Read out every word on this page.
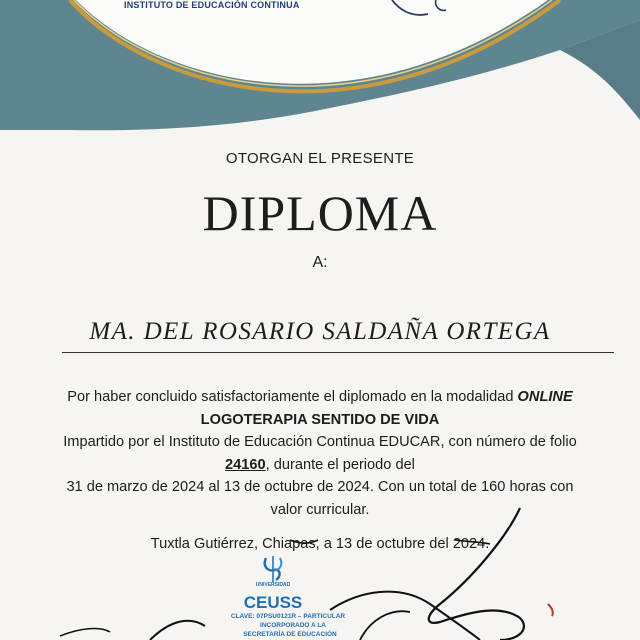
INSTITUTO DE EDUCACIÓN CONTINUA
OTORGAN EL PRESENTE
DIPLOMA
A:
MA. DEL ROSARIO SALDAÑA ORTEGA
Por haber concluido satisfactoriamente el diplomado en la modalidad ONLINE
LOGOTERAPIA SENTIDO DE VIDA
Impartido por el Instituto de Educación Continua EDUCAR, con número de folio
24160, durante el periodo del
31 de marzo de 2024 al 13 de octubre de 2024. Con un total de 160 horas con
valor curricular.
Tuxtla Gutiérrez, Chiapas, a 13 de octubre del 2024.
UNIVERSIDAD
CEUSS
CLAVE: 07PSU0121R – PARTICULAR
INCORPORADO A LA
SECRETARÍA DE EDUCACIÓN
